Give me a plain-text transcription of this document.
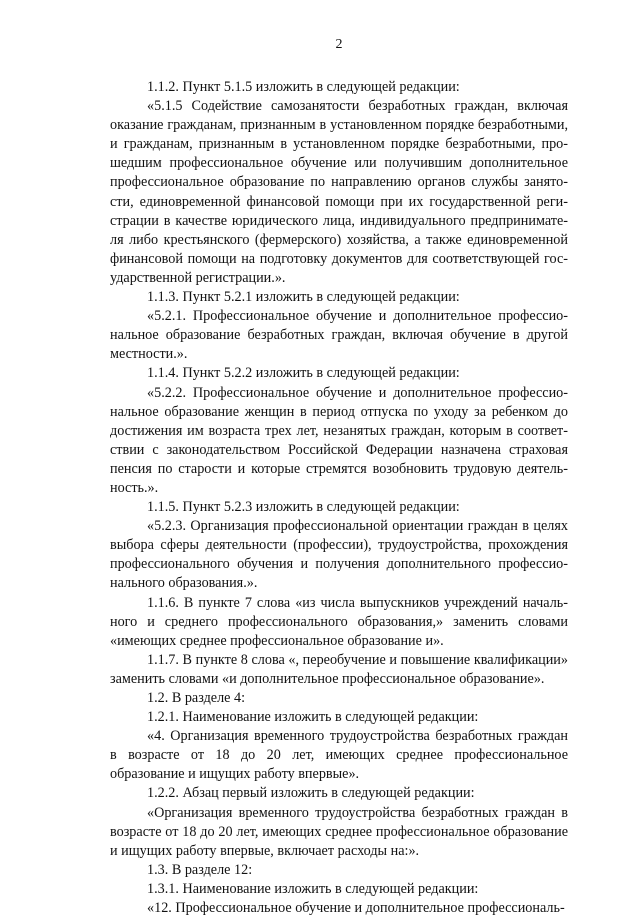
2

1.1.2. Пункт 5.1.5 изложить в следующей редакции:

«5.1.5 Содействие самозанятости безработных граждан, включая оказание гражданам, признанным в установленном порядке безработными, и гражданам, признанным в установленном порядке безработными, прошедшим профессиональное обучение или получившим дополнительное профессиональное образование по направлению органов службы занятости, единовременной финансовой помощи при их государственной регистрации в качестве юридического лица, индивидуального предпринимателя либо крестьянского (фермерского) хозяйства, а также единовременной финансовой помощи на подготовку документов для соответствующей государственной регистрации.».

1.1.3. Пункт 5.2.1 изложить в следующей редакции:

«5.2.1. Профессиональное обучение и дополнительное профессиональное образование безработных граждан, включая обучение в другой местности.».

1.1.4. Пункт 5.2.2 изложить в следующей редакции:

«5.2.2. Профессиональное обучение и дополнительное профессиональное образование женщин в период отпуска по уходу за ребенком до достижения им возраста трех лет, незанятых граждан, которым в соответствии с законодательством Российской Федерации назначена страховая пенсия по старости и которые стремятся возобновить трудовую деятельность.».

1.1.5. Пункт 5.2.3 изложить в следующей редакции:

«5.2.3. Организация профессиональной ориентации граждан в целях выбора сферы деятельности (профессии), трудоустройства, прохождения профессионального обучения и получения дополнительного профессионального образования.».

1.1.6. В пункте 7 слова «из числа выпускников учреждений начального и среднего профессионального образования,» заменить словами «имеющих среднее профессиональное образование и».

1.1.7. В пункте 8 слова «, переобучение и повышение квалификации» заменить словами «и дополнительное профессиональное образование».

1.2. В разделе 4:

1.2.1. Наименование изложить в следующей редакции:

«4. Организация временного трудоустройства безработных граждан в возрасте от 18 до 20 лет, имеющих среднее профессиональное образование и ищущих работу впервые».

1.2.2. Абзац первый изложить в следующей редакции:

«Организация временного трудоустройства безработных граждан в возрасте от 18 до 20 лет, имеющих среднее профессиональное образование и ищущих работу впервые, включает расходы на:».

1.3. В разделе 12:

1.3.1. Наименование изложить в следующей редакции:

«12. Профессиональное обучение и дополнительное профессиональ-
